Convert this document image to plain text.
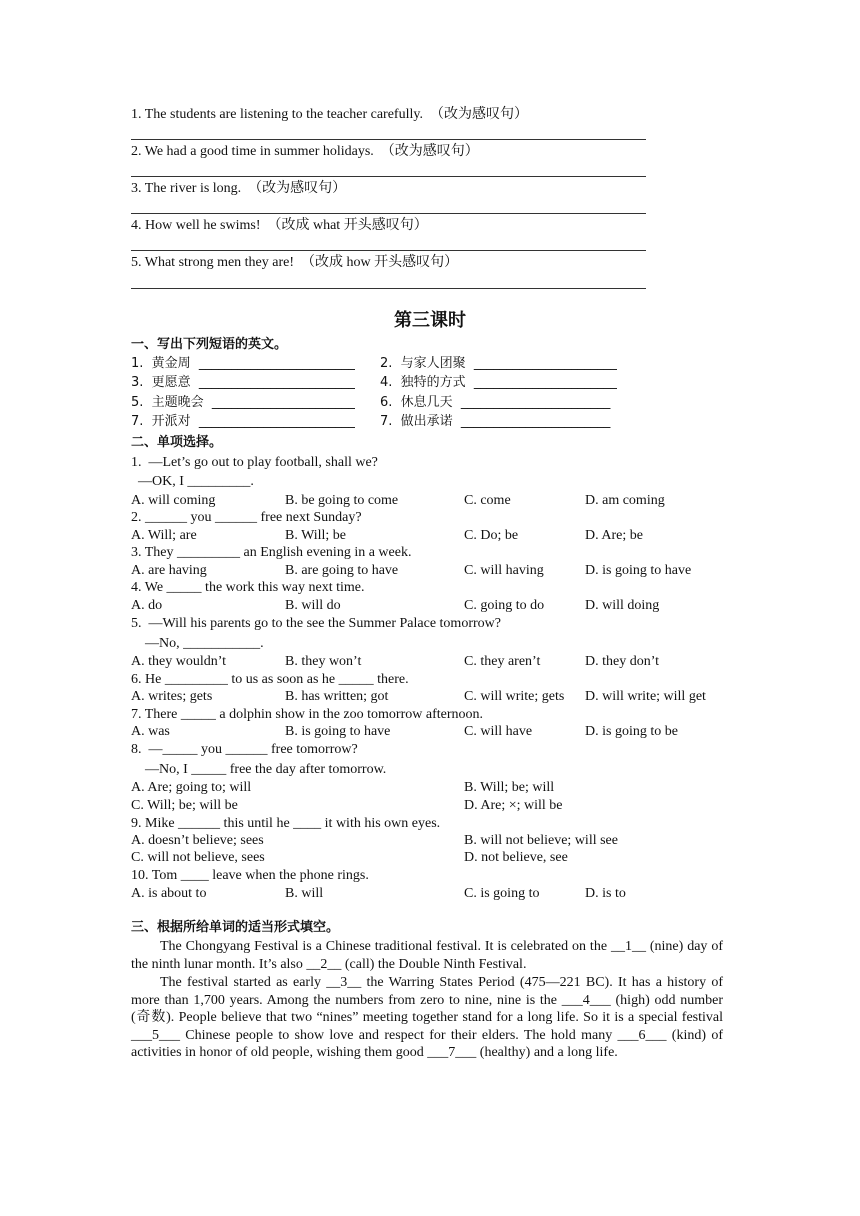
1. The students are listening to the teacher carefully.  （改为感叹句）
2. We had a good time in summer holidays.  （改为感叹句）
3. The river is long.  （改为感叹句）
4. How well he swims!  （改成 what 开头感叹句）
5. What strong men they are!  （改成 how 开头感叹句）
第三课时
一、写出下列短语的英文。
1.  黄金周  ________________________ 2.  与家人团聚  ______________________
3.  更愿意  ________________________ 4.  独特的方式  ______________________
5.  主题晚会  ______________________ 6.  休息几天  _______________________
7.  开派对  ________________________ 7.  做出承诺  _______________________
二、单项选择。
1.  —Let’s go out to play football, shall we?
—OK, I _________.
A. will coming	B. be going to come	C. come	D. am coming
2. ______ you ______ free next Sunday?
A. Will; are	B. Will; be	C. Do; be	D. Are; be
3. They _________ an English evening in a week.
A. are having	B. are going to have	C. will having	D. is going to have
4. We _____ the work this way next time.
A. do	B. will do	C. going to do	D. will doing
5.  —Will his parents go to the see the Summer Palace tomorrow?
—No, ___________.
A. they wouldn’t	B. they won’t	C. they aren’t	D. they don’t
6. He _________ to us as soon as he _____ there.
A. writes; gets	B. has written; got	C. will write; gets D. will write; will get
7. There _____ a dolphin show in the zoo tomorrow afternoon.
A. was	B. is going to have	C. will have	D. is going to be
8.  —_____ you ______ free tomorrow?
—No, I _____ free the day after tomorrow.
A. Are; going to; will	B. Will; be; will
C. Will; be; will be	D. Are; ×; will be
9. Mike ______ this until he ____ it with his own eyes.
A. doesn’t believe; sees	B. will not believe; will see
C. will not believe, sees	D. not believe, see
10. Tom ____ leave when the phone rings.
A. is about to	B. will	C. is going to	D. is to
三、根据所给单词的适当形式填空。
The Chongyang Festival is a Chinese traditional festival. It is celebrated on the __1__ (nine) day of the ninth lunar month. It’s also __2__ (call) the Double Ninth Festival.
The festival started as early __3__ the Warring States Period (475—221 BC). It has a history of more than 1,700 years. Among the numbers from zero to nine, nine is the ___4___ (high) odd number (奇数). People believe that two “nines” meeting together stand for a long life. So it is a special festival ___5___ Chinese people to show love and respect for their elders. The hold many ___6___ (kind) of activities in honor of old people, wishing them good ___7___ (healthy) and a long life.
